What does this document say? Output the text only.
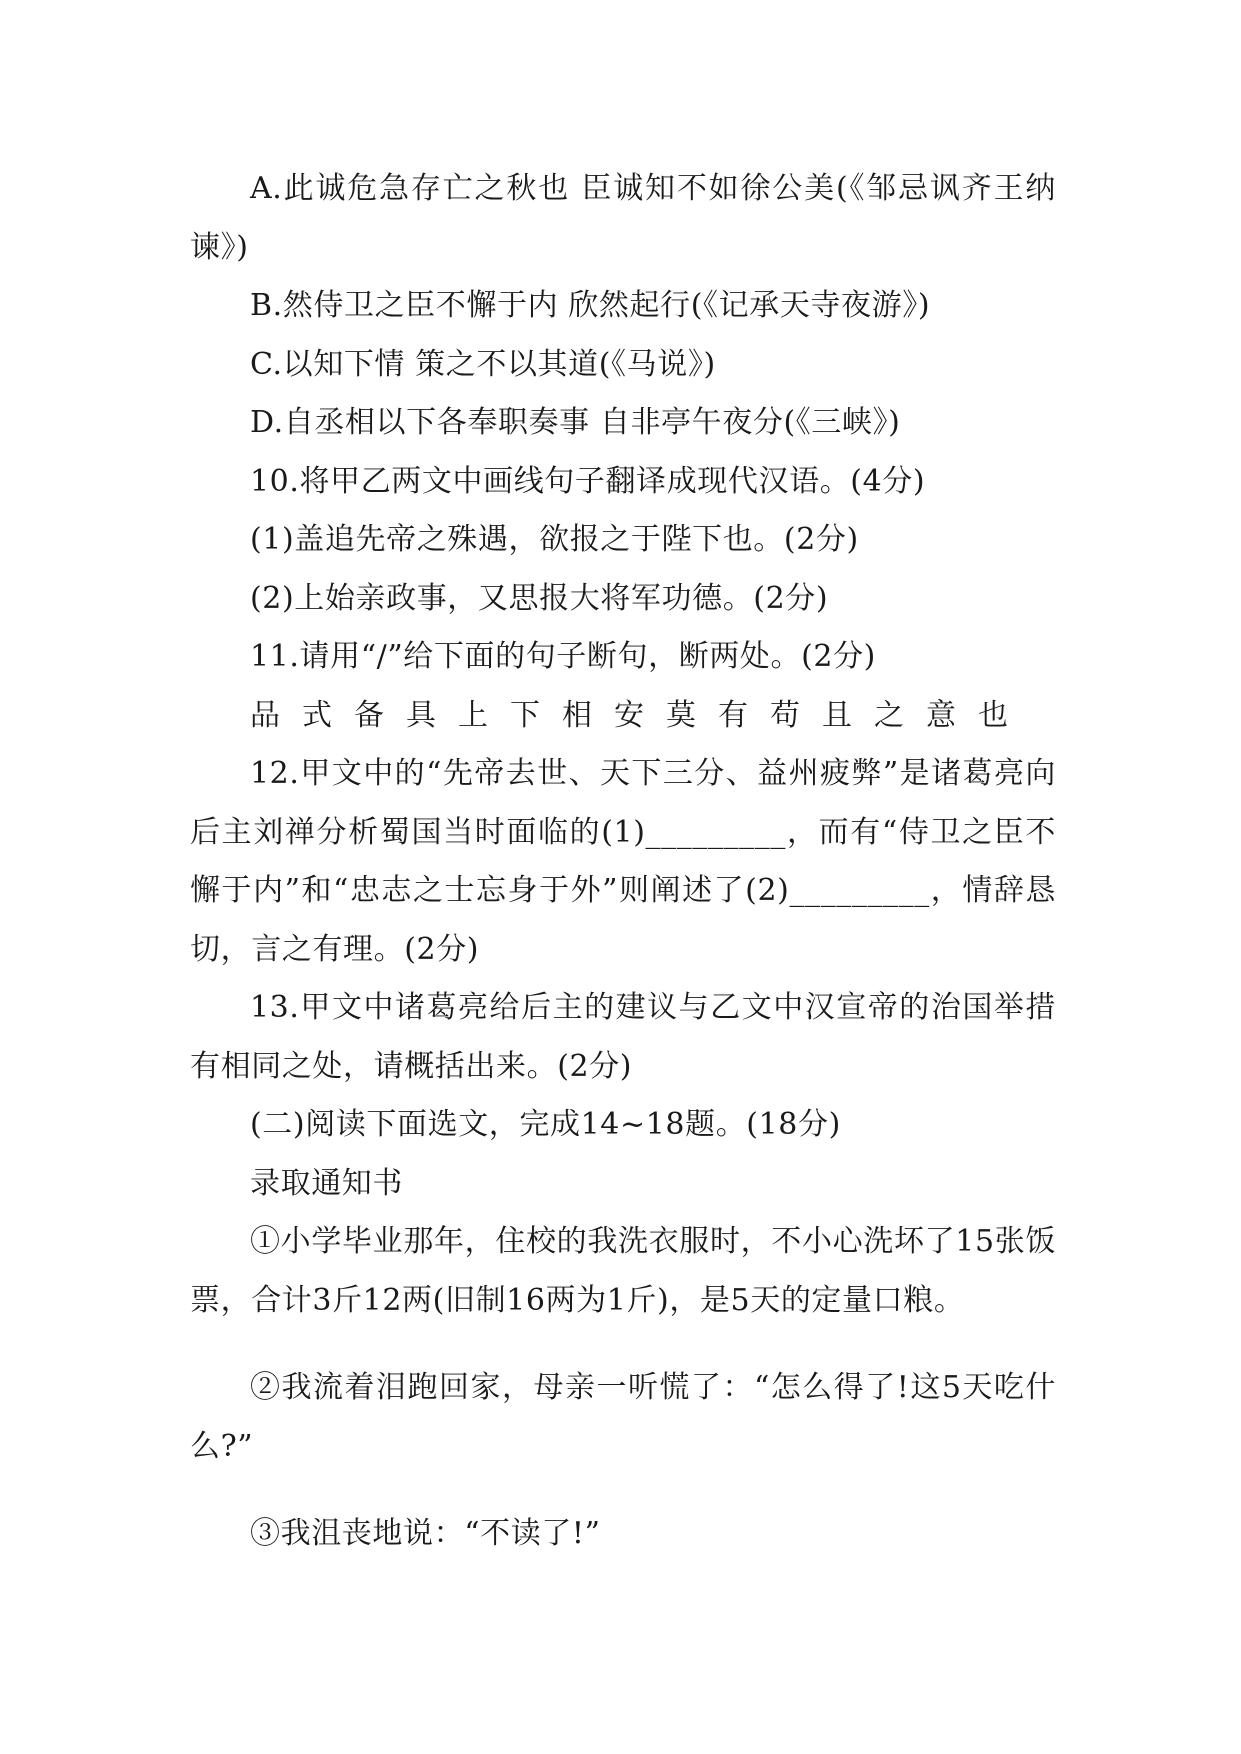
A.此诚危急存亡之秋也 臣诚知不如徐公美(《邹忌讽齐王纳谏》)
B.然侍卫之臣不懈于内 欣然起行(《记承天寺夜游》)
C.以知下情 策之不以其道(《马说》)
D.自丞相以下各奉职奏事 自非亭午夜分(《三峡》)
10.将甲乙两文中画线句子翻译成现代汉语。(4分)
(1)盖追先帝之殊遇，欲报之于陛下也。(2分)
(2)上始亲政事，又思报大将军功德。(2分)
11.请用“/”给下面的句子断句，断两处。(2分)
品式备具上下相安莫有苟且之意也
12.甲文中的“先帝去世、天下三分、益州疲弊”是诸葛亮向后主刘禅分析蜀国当时面临的(1)_________，而有“侍卫之臣不懈于内”和“忠志之士忘身于外”则阐述了(2)_________，情辞恳切，言之有理。(2分)
13.甲文中诸葛亮给后主的建议与乙文中汉宣帝的治国举措有相同之处，请概括出来。(2分)
(二)阅读下面选文，完成14~18题。(18分)
录取通知书
①小学毕业那年，住校的我洗衣服时，不小心洗坏了15张饭票，合计3斤12两(旧制16两为1斤)，是5天的定量口粮。
②我流着泪跑回家，母亲一听慌了：“怎么得了!这5天吃什么?”
③我沮丧地说：“不读了!”
